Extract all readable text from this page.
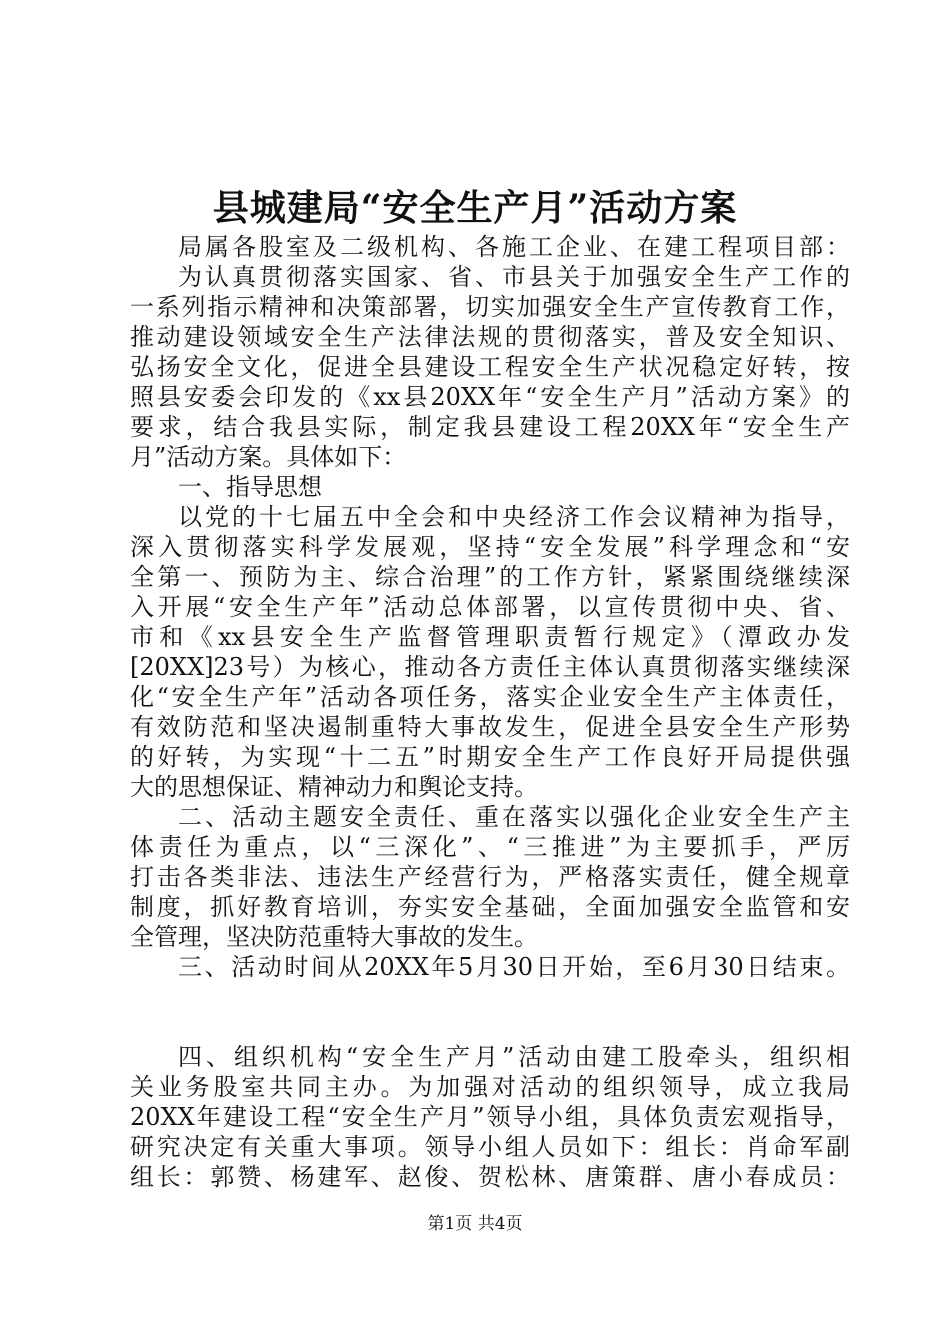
县城建局“安全生产月”活动方案
局属各股室及二级机构、各施工企业、在建工程项目部：
为认真贯彻落实国家、省、市县关于加强安全生产工作的
一系列指示精神和决策部署，切实加强安全生产宣传教育工作，
推动建设领域安全生产法律法规的贯彻落实，普及安全知识、
弘扬安全文化，促进全县建设工程安全生产状况稳定好转，按
照县安委会印发的《xx县20XX年“安全生产月”活动方案》的
要求，结合我县实际，制定我县建设工程20XX年“安全生产
月”活动方案。具体如下：
一、指导思想
以党的十七届五中全会和中央经济工作会议精神为指导，
深入贯彻落实科学发展观，坚持“安全发展”科学理念和“安
全第一、预防为主、综合治理”的工作方针，紧紧围绕继续深
入开展“安全生产年”活动总体部署，以宣传贯彻中央、省、
市和《xx县安全生产监督管理职责暂行规定》（潭政办发
[20XX]23号）为核心，推动各方责任主体认真贯彻落实继续深
化“安全生产年”活动各项任务，落实企业安全生产主体责任，
有效防范和坚决遏制重特大事故发生，促进全县安全生产形势
的好转，为实现“十二五”时期安全生产工作良好开局提供强
大的思想保证、精神动力和舆论支持。
二、活动主题安全责任、重在落实以强化企业安全生产主
体责任为重点，以“三深化”、“三推进”为主要抓手，严厉
打击各类非法、违法生产经营行为，严格落实责任，健全规章
制度，抓好教育培训，夯实安全基础，全面加强安全监管和安
全管理，坚决防范重特大事故的发生。
三、活动时间从20XX年5月30日开始，至6月30日结束。
四、组织机构“安全生产月”活动由建工股牵头，组织相
关业务股室共同主办。为加强对活动的组织领导，成立我局
20XX年建设工程“安全生产月”领导小组，具体负责宏观指导，
研究决定有关重大事项。领导小组人员如下：组长：肖命军副
组长：郭赞、杨建军、赵俊、贺松林、唐策群、唐小春成员：
第1页 共4页
